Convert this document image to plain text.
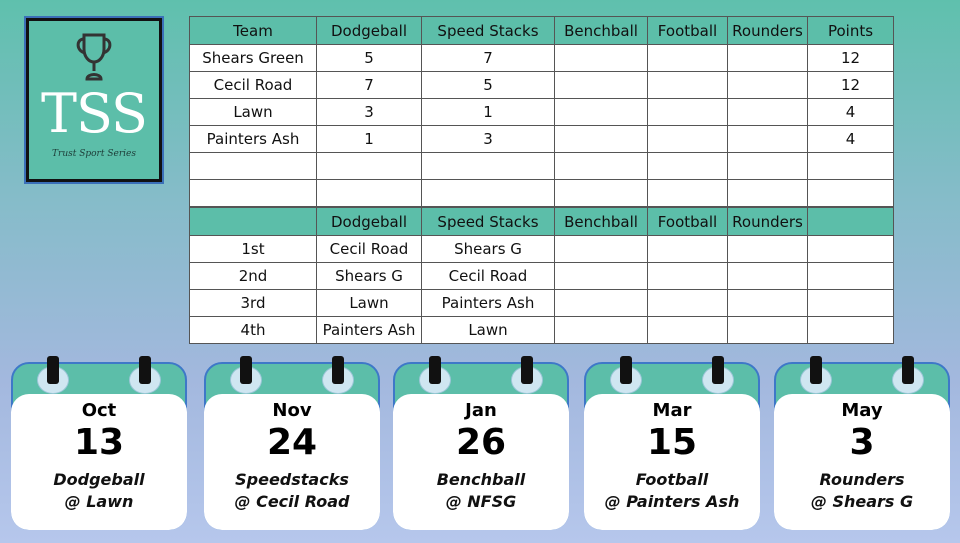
TSS
Trust Sport Series
Team	Dodgeball	Speed Stacks	Benchball	Football	Rounders	Points
Shears Green	5	7				12
Cecil Road	7	5				12
Lawn	3	1				4
Painters Ash	1	3				4

	Dodgeball	Speed Stacks	Benchball	Football	Rounders	
1st	Cecil Road	Shears G				
2nd	Shears G	Cecil Road				
3rd	Lawn	Painters Ash				
4th	Painters Ash	Lawn				
Oct
13
Dodgeball
@ Lawn
Nov
24
Speedstacks
@ Cecil Road
Jan
26
Benchball
@ NFSG
Mar
15
Football
@ Painters Ash
May
3
Rounders
@ Shears G
